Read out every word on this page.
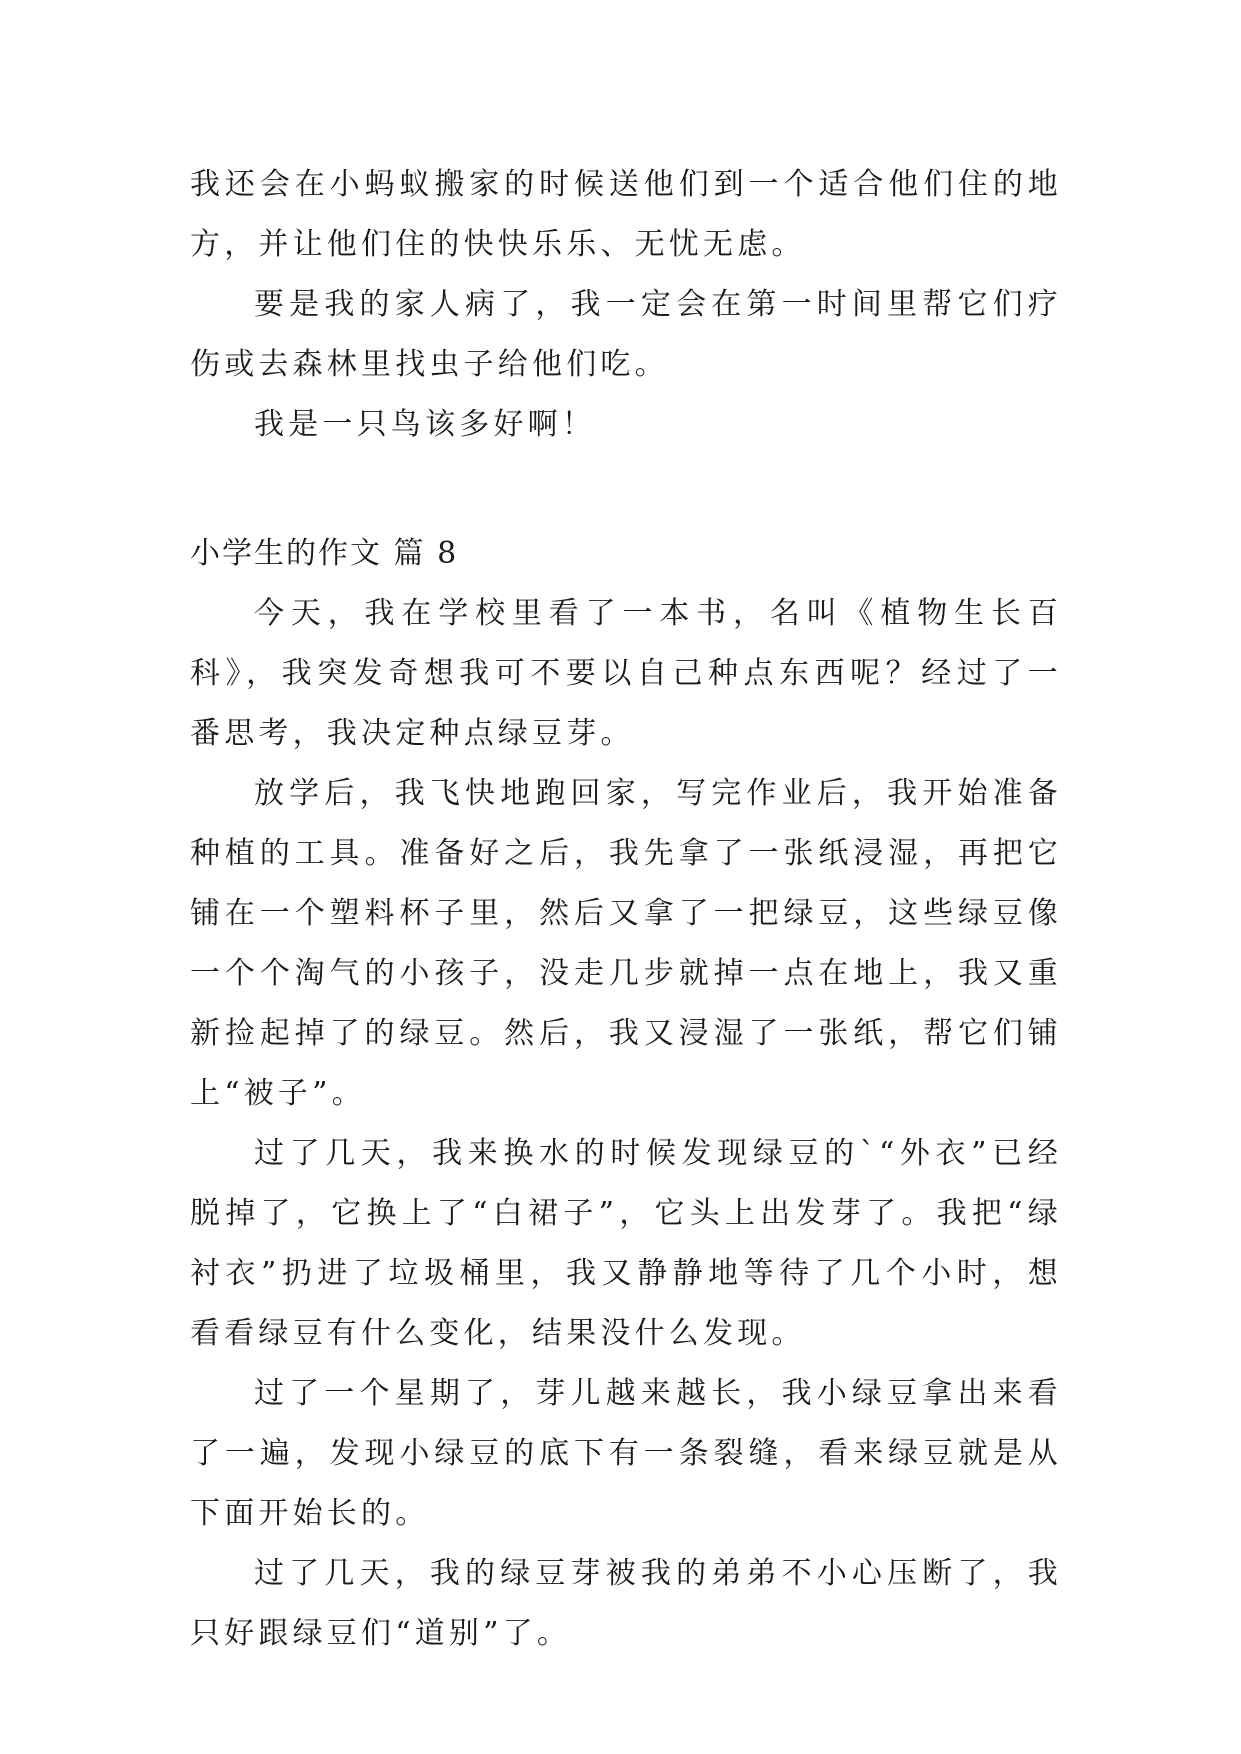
我还会在小蚂蚁搬家的时候送他们到一个适合他们住的地方，并让他们住的快快乐乐、无忧无虑。

要是我的家人病了，我一定会在第一时间里帮它们疗伤或去森林里找虫子给他们吃。

我是一只鸟该多好啊！

小学生的作文 篇 8

今天，我在学校里看了一本书，名叫《植物生长百科》，我突发奇想我可不要以自己种点东西呢？经过了一番思考，我决定种点绿豆芽。

放学后，我飞快地跑回家，写完作业后，我开始准备种植的工具。准备好之后，我先拿了一张纸浸湿，再把它铺在一个塑料杯子里，然后又拿了一把绿豆，这些绿豆像一个个淘气的小孩子，没走几步就掉一点在地上，我又重新捡起掉了的绿豆。然后，我又浸湿了一张纸，帮它们铺上“被子”。

过了几天，我来换水的时候发现绿豆的`“外衣”已经脱掉了，它换上了“白裙子”，它头上出发芽了。我把“绿衬衣”扔进了垃圾桶里，我又静静地等待了几个小时，想看看绿豆有什么变化，结果没什么发现。

过了一个星期了，芽儿越来越长，我小绿豆拿出来看了一遍，发现小绿豆的底下有一条裂缝，看来绿豆就是从下面开始长的。

过了几天，我的绿豆芽被我的弟弟不小心压断了，我只好跟绿豆们“道别”了。
